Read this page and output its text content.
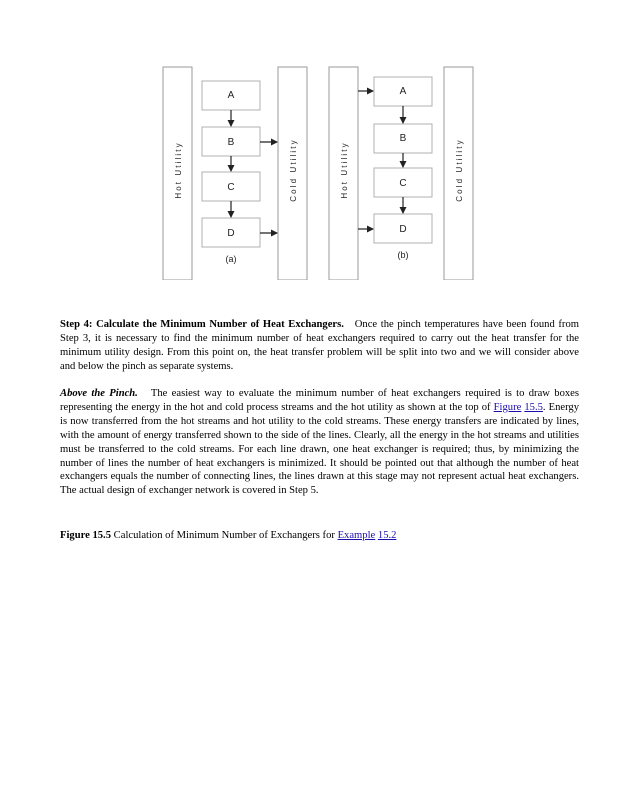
Hot Utility	Cold Utility
A
B
C
D
(a)
Hot Utility	Cold Utility
A
B
C
D
(b)
Step 4: Calculate the Minimum Number of Heat Exchangers. Once the pinch temperatures have been found from Step 3, it is necessary to find the minimum number of heat exchangers required to carry out the heat transfer for the minimum utility design. From this point on, the heat transfer problem will be split into two and we will consider above and below the pinch as separate systems.
Above the Pinch. The easiest way to evaluate the minimum number of heat exchangers required is to draw boxes representing the energy in the hot and cold process streams and the hot utility as shown at the top of Figure 15.5. Energy is now transferred from the hot streams and hot utility to the cold streams. These energy transfers are indicated by lines, with the amount of energy transferred shown to the side of the lines. Clearly, all the energy in the hot streams and utilities must be transferred to the cold streams. For each line drawn, one heat exchanger is required; thus, by minimizing the number of lines the number of heat exchangers is minimized. It should be pointed out that although the number of heat exchangers equals the number of connecting lines, the lines drawn at this stage may not represent actual heat exchangers. The actual design of exchanger network is covered in Step 5.
Figure 15.5 Calculation of Minimum Number of Exchangers for Example 15.2
